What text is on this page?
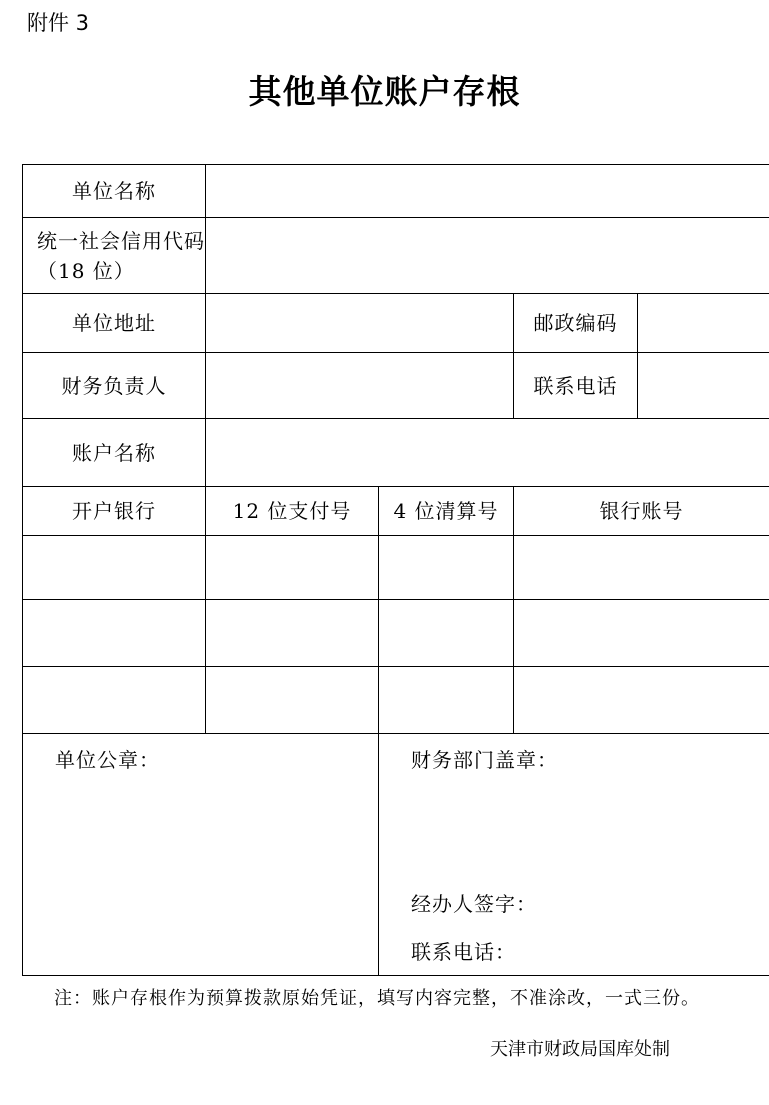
附件 3
其他单位账户存根
单位名称				
统一社会信用代码（18 位）				
单位地址			邮政编码	
财务负责人			联系电话	
账户名称				
开户银行	12 位支付号	4 位清算号	银行账号	

单位公章：		财务部门盖章：
经办人签字：
联系电话：		
注：账户存根作为预算拨款原始凭证，填写内容完整，不准涂改，一式三份。
天津市财政局国库处制
